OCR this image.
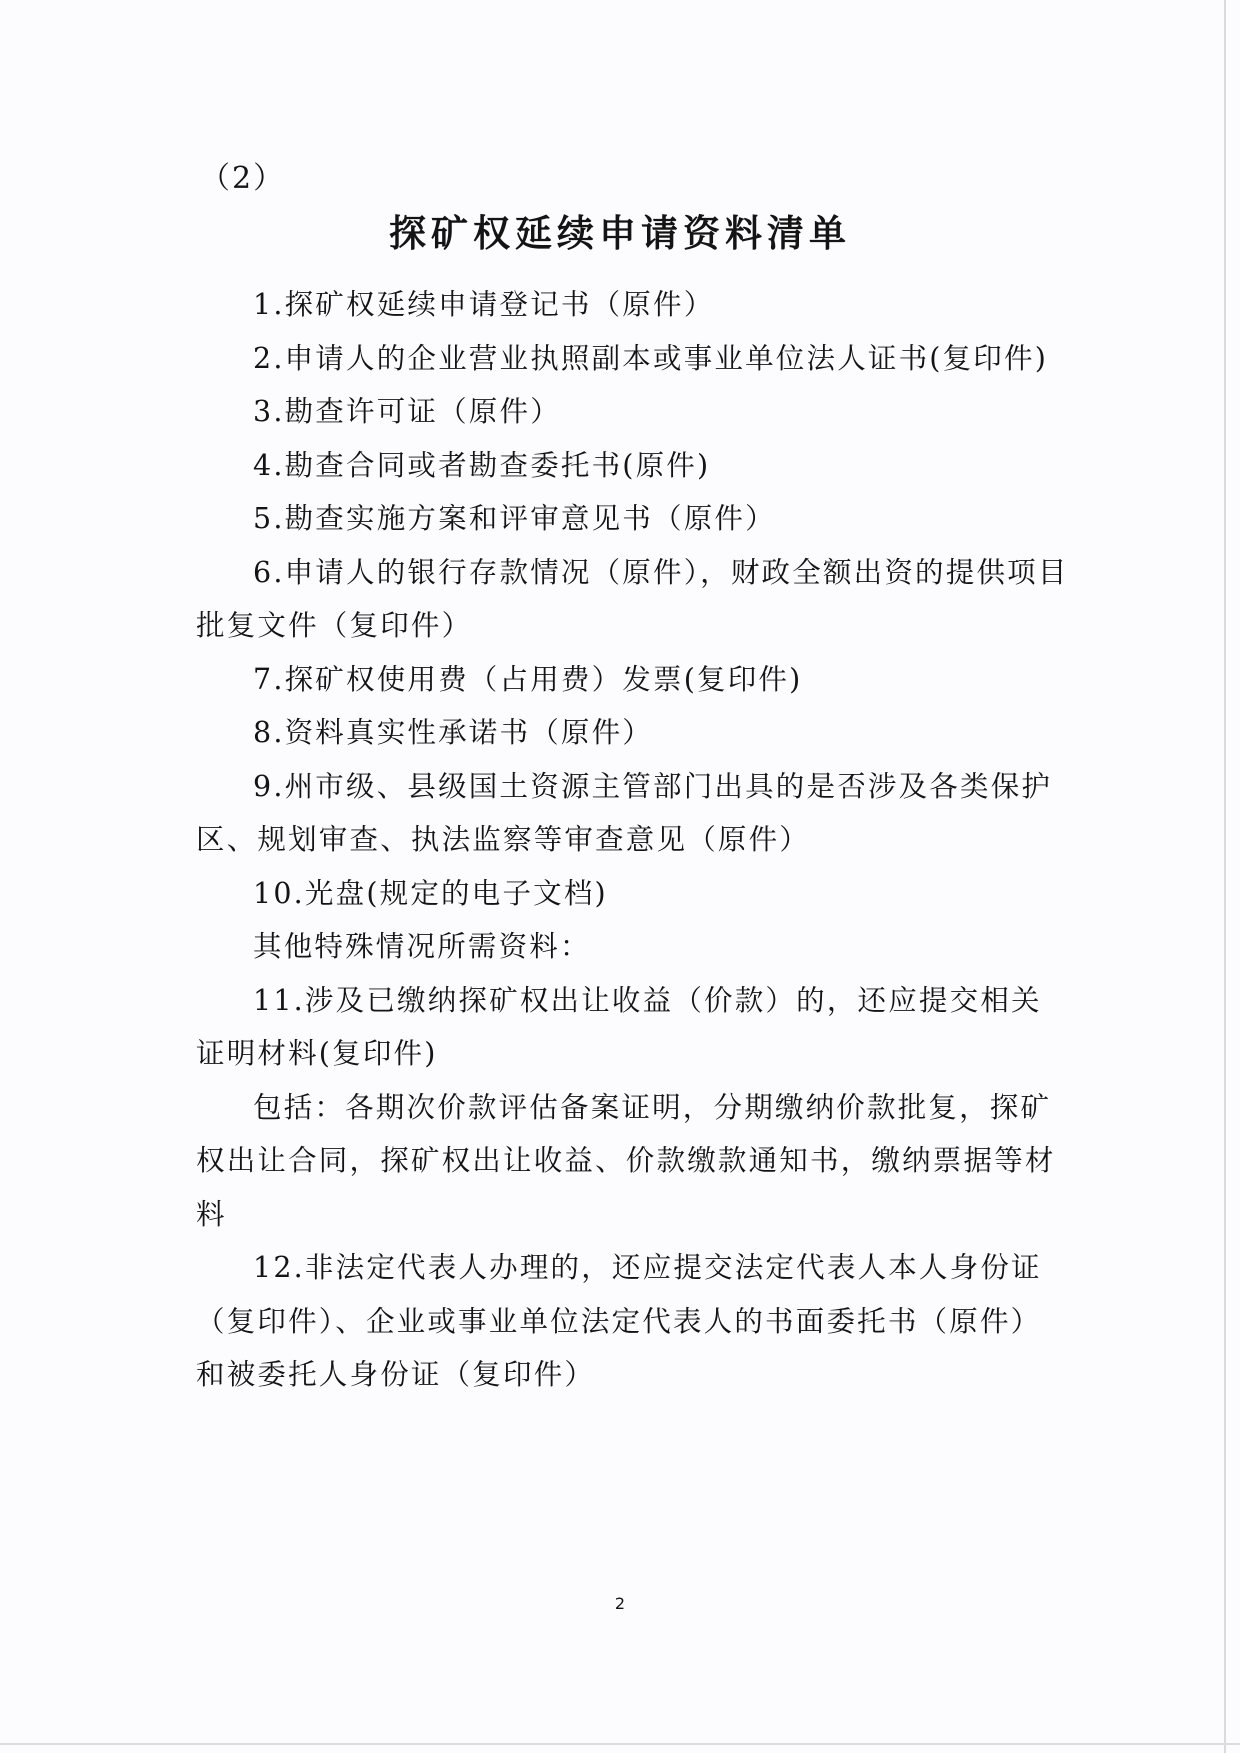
（2）
探矿权延续申请资料清单

1.探矿权延续申请登记书（原件）

2.申请人的企业营业执照副本或事业单位法人证书(复印件)

3.勘查许可证（原件）

4.勘查合同或者勘查委托书(原件)

5.勘查实施方案和评审意见书（原件）

6.申请人的银行存款情况（原件），财政全额出资的提供项目批复文件（复印件）

7.探矿权使用费（占用费）发票(复印件)

8.资料真实性承诺书（原件）

9.州市级、县级国土资源主管部门出具的是否涉及各类保护区、规划审查、执法监察等审查意见（原件）

10.光盘(规定的电子文档)

其他特殊情况所需资料：

11.涉及已缴纳探矿权出让收益（价款）的，还应提交相关证明材料(复印件)

包括：各期次价款评估备案证明，分期缴纳价款批复，探矿权出让合同，探矿权出让收益、价款缴款通知书，缴纳票据等材料

12.非法定代表人办理的，还应提交法定代表人本人身份证（复印件）、企业或事业单位法定代表人的书面委托书（原件）和被委托人身份证（复印件）

2
